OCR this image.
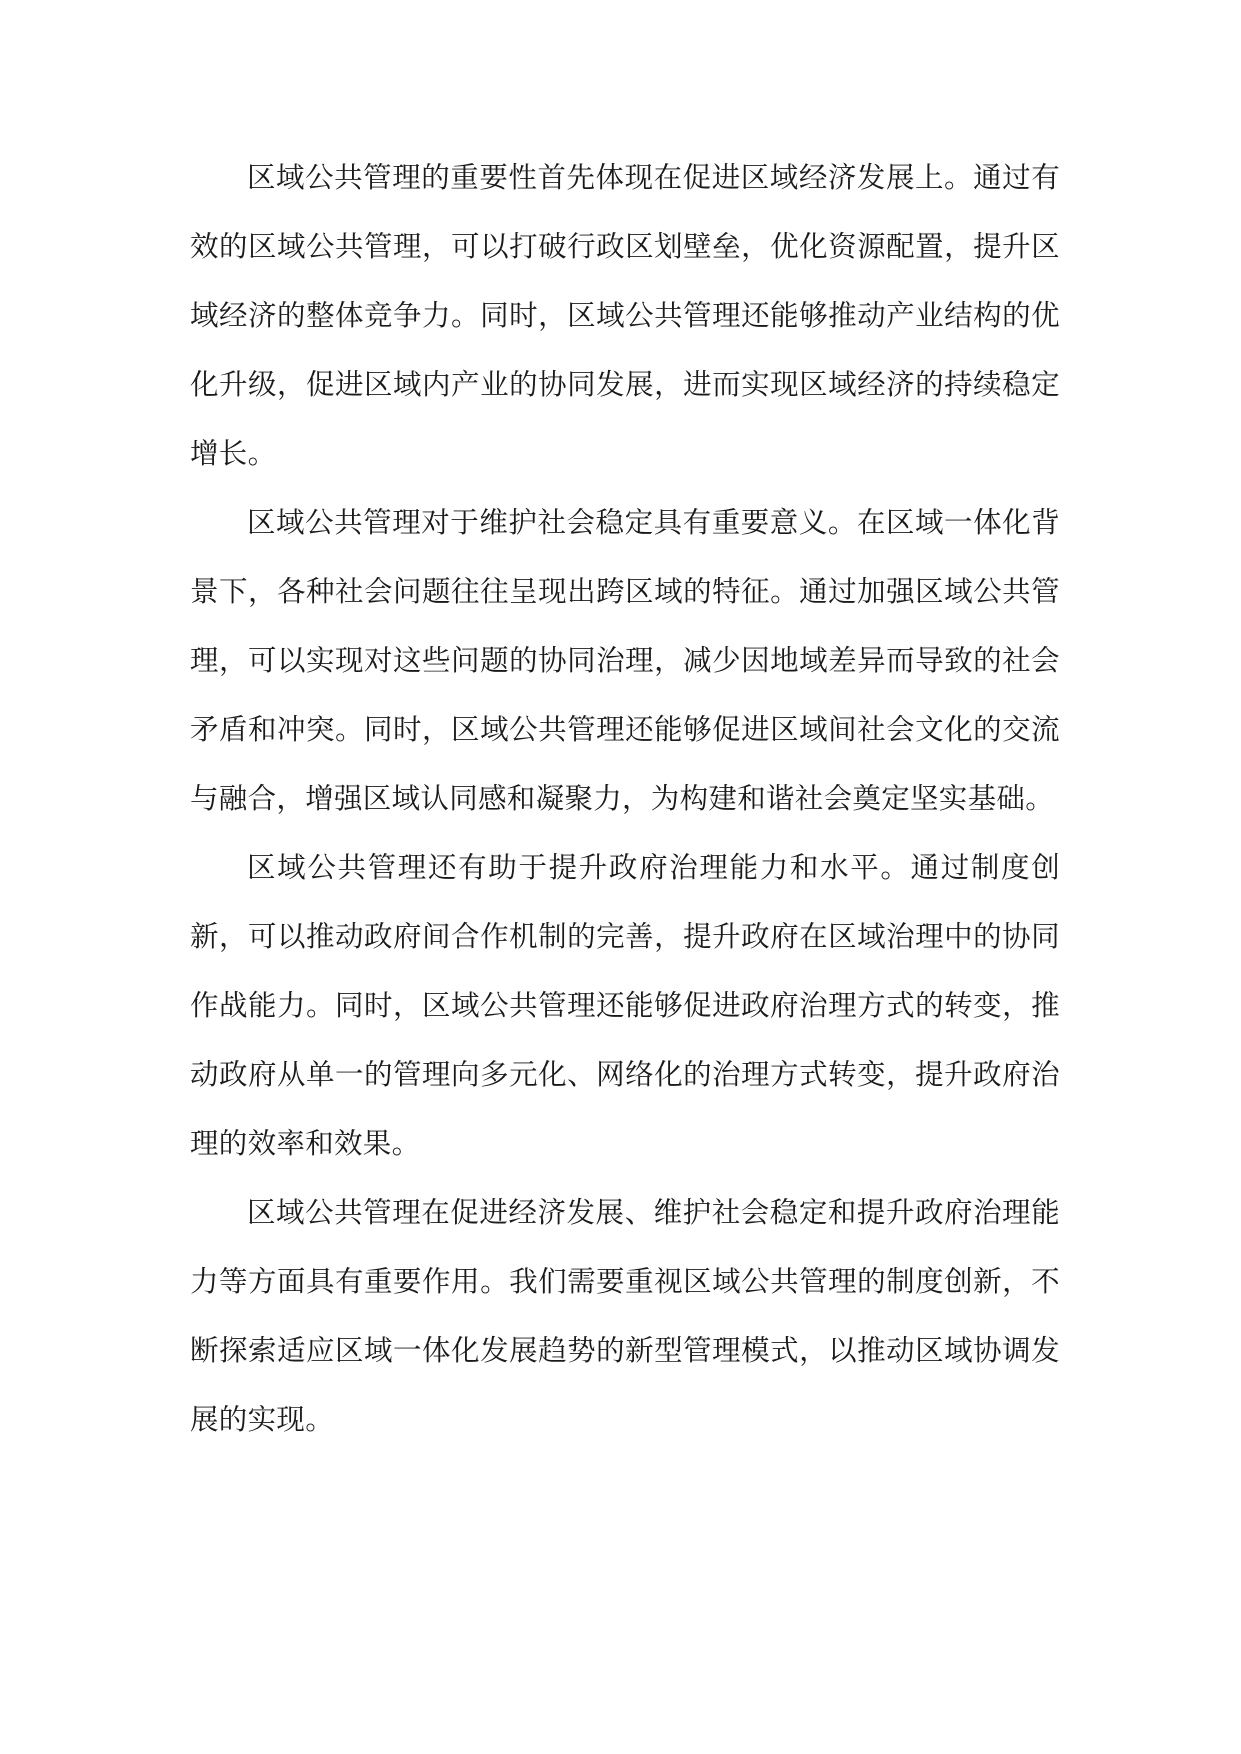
区域公共管理的重要性首先体现在促进区域经济发展上。通过有效的区域公共管理，可以打破行政区划壁垒，优化资源配置，提升区域经济的整体竞争力。同时，区域公共管理还能够推动产业结构的优化升级，促进区域内产业的协同发展，进而实现区域经济的持续稳定增长。

区域公共管理对于维护社会稳定具有重要意义。在区域一体化背景下，各种社会问题往往呈现出跨区域的特征。通过加强区域公共管理，可以实现对这些问题的协同治理，减少因地域差异而导致的社会矛盾和冲突。同时，区域公共管理还能够促进区域间社会文化的交流与融合，增强区域认同感和凝聚力，为构建和谐社会奠定坚实基础。

区域公共管理还有助于提升政府治理能力和水平。通过制度创新，可以推动政府间合作机制的完善，提升政府在区域治理中的协同作战能力。同时，区域公共管理还能够促进政府治理方式的转变，推动政府从单一的管理向多元化、网络化的治理方式转变，提升政府治理的效率和效果。

区域公共管理在促进经济发展、维护社会稳定和提升政府治理能力等方面具有重要作用。我们需要重视区域公共管理的制度创新，不断探索适应区域一体化发展趋势的新型管理模式，以推动区域协调发展的实现。
